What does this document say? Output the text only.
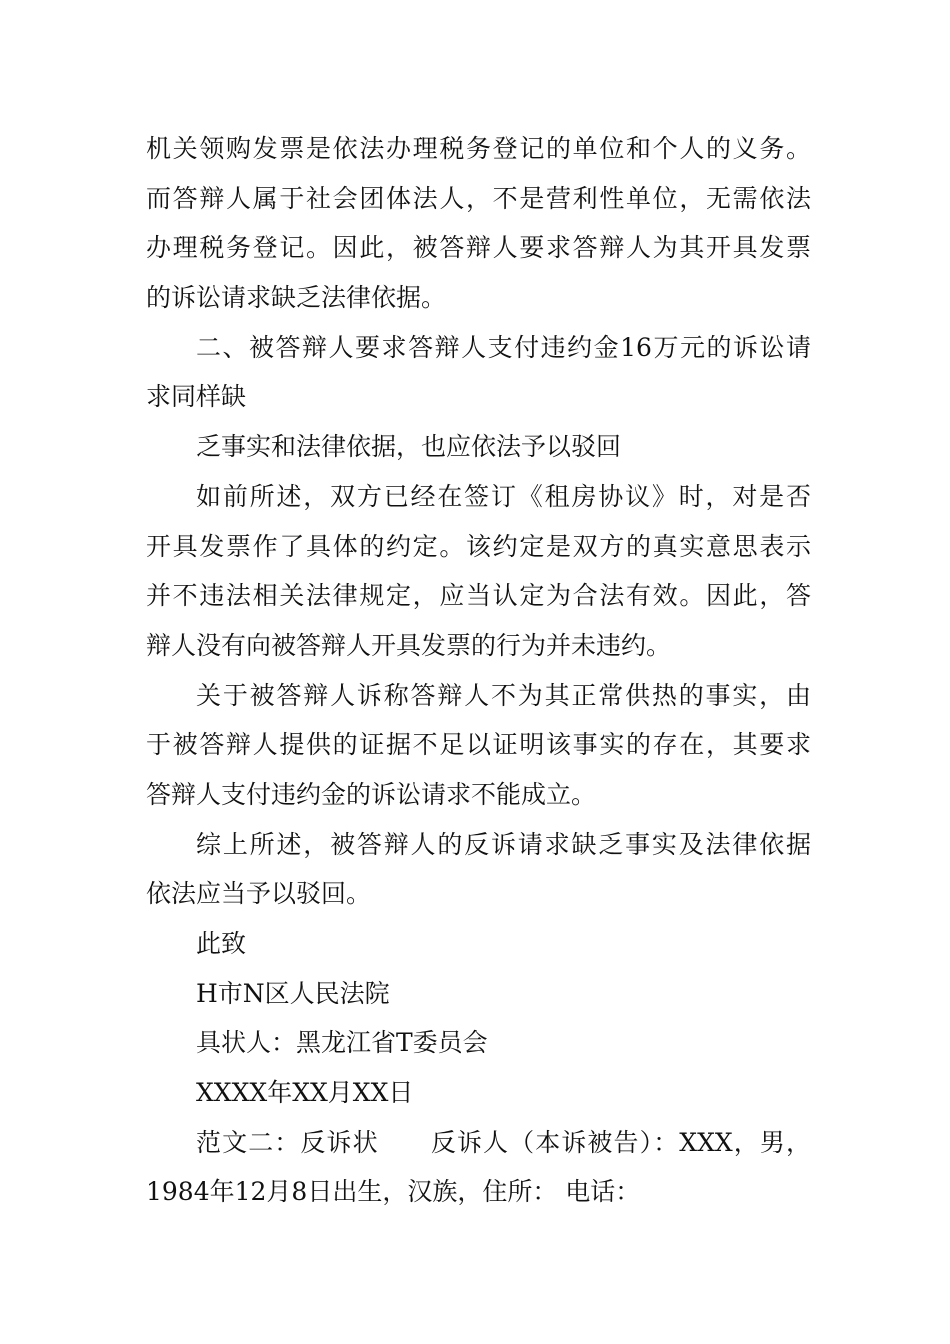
机关领购发票是依法办理税务登记的单位和个人的义务。
而答辩人属于社会团体法人，不是营利性单位，无需依法
办理税务登记。因此，被答辩人要求答辩人为其开具发票
的诉讼请求缺乏法律依据。
二、被答辩人要求答辩人支付违约金16万元的诉讼请
求同样缺
乏事实和法律依据，也应依法予以驳回
如前所述，双方已经在签订《租房协议》时，对是否
开具发票作了具体的约定。该约定是双方的真实意思表示
并不违法相关法律规定，应当认定为合法有效。因此，答
辩人没有向被答辩人开具发票的行为并未违约。
关于被答辩人诉称答辩人不为其正常供热的事实，由
于被答辩人提供的证据不足以证明该事实的存在，其要求
答辩人支付违约金的诉讼请求不能成立。
综上所述，被答辩人的反诉请求缺乏事实及法律依据
依法应当予以驳回。
此致
H市N区人民法院
具状人：黑龙江省T委员会
XXXX年XX月XX日
范文二：反诉状　　反诉人（本诉被告）：XXX，男，
1984年12月8日出生，汉族，住所： 电话：
